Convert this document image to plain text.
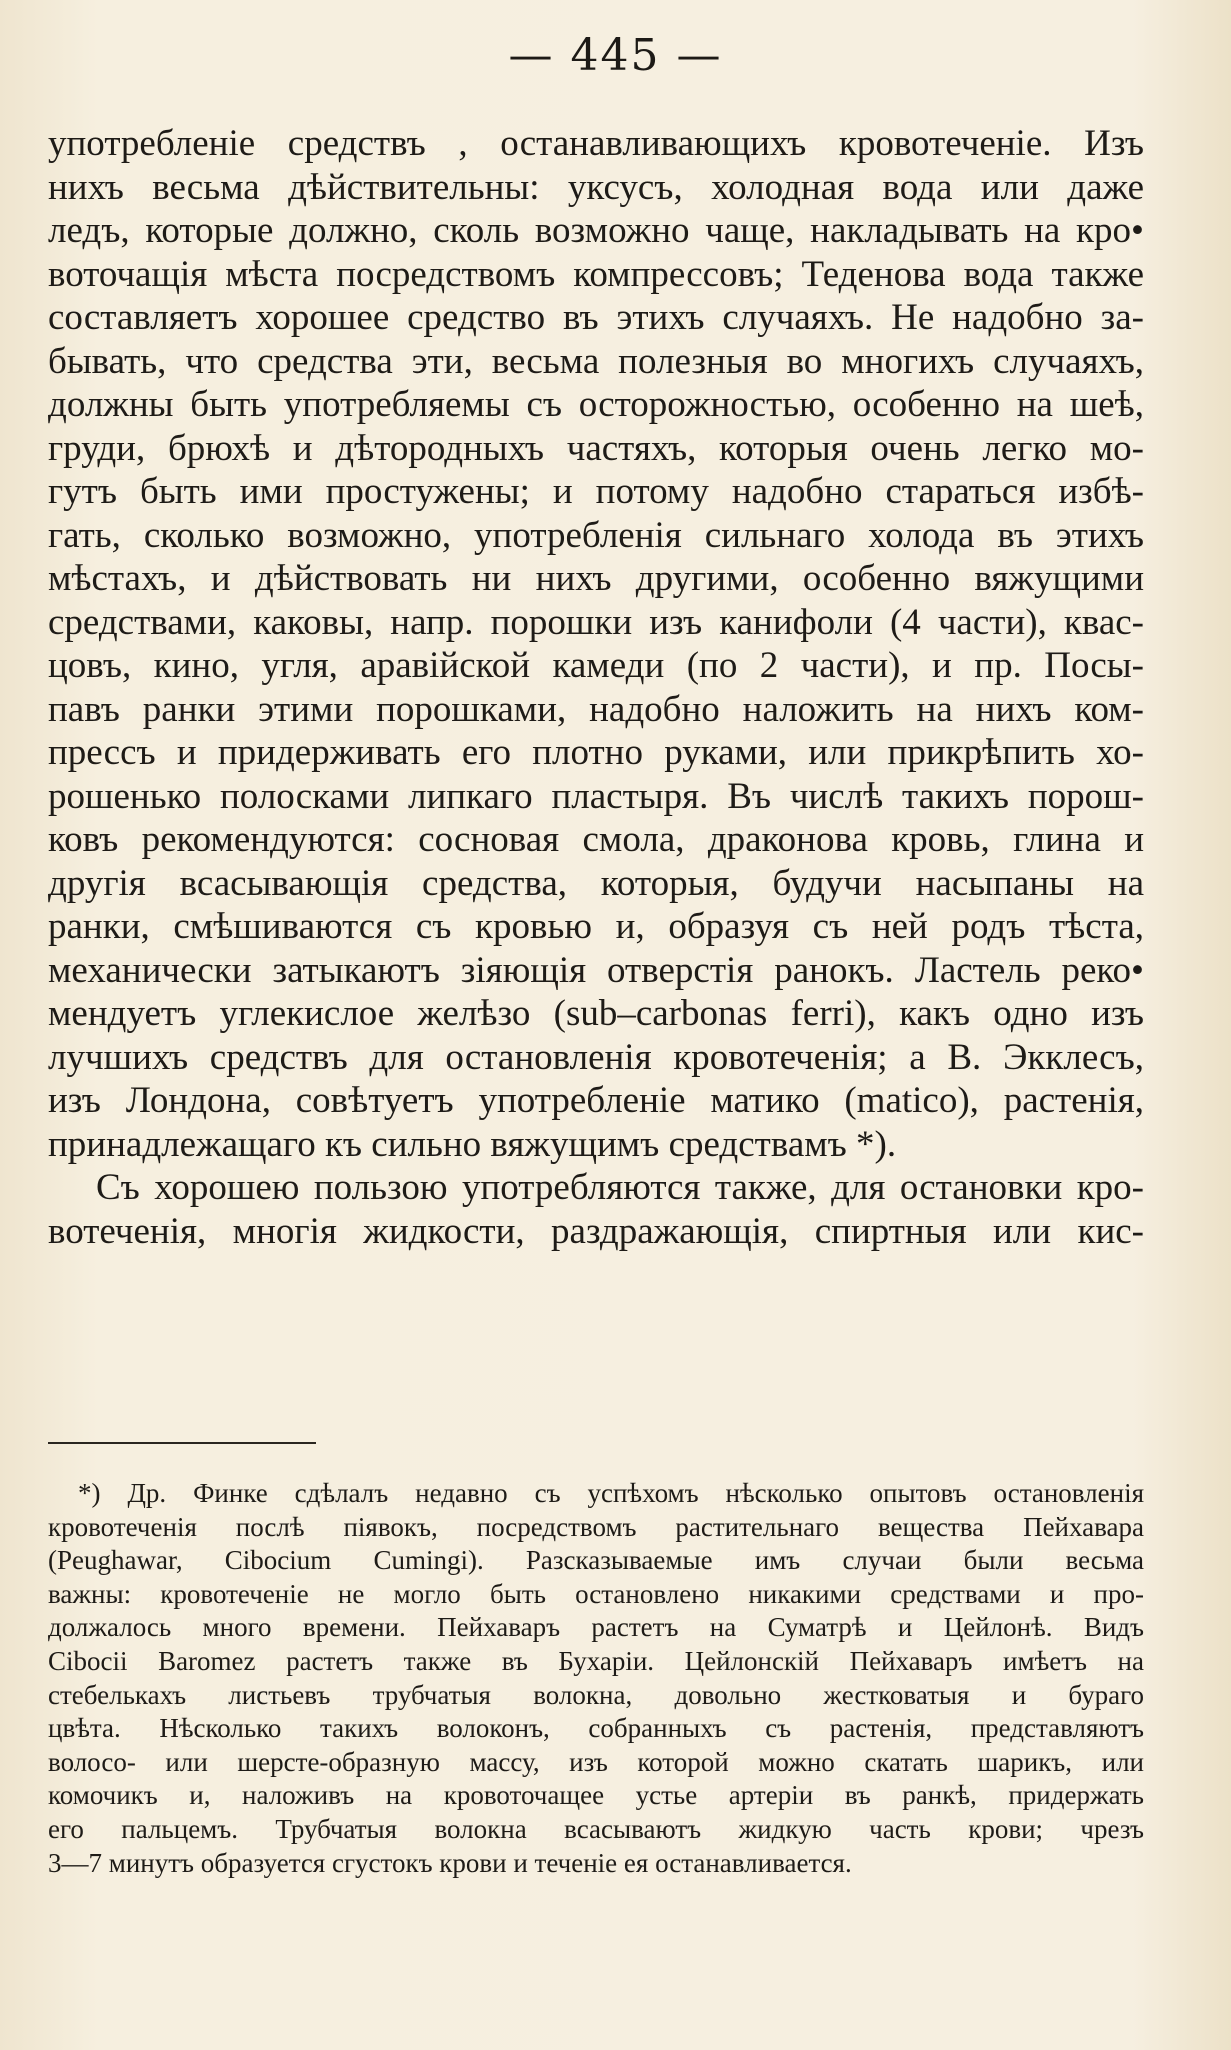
— 445 —
употребленіе средствъ , останавливающихъ кровотеченіе. Изъ
нихъ весьма дѣйствительны: уксусъ, холодная вода или даже
ледъ, которые должно, сколь возможно чаще, накладывать на кро•
воточащія мѣста посредствомъ компрессовъ; Теденова вода также
составляетъ хорошее средство въ этихъ случаяхъ. Не надобно за-
бывать, что средства эти, весьма полезныя во многихъ случаяхъ,
должны быть употребляемы съ осторожностью, особенно на шеѣ,
груди, брюхѣ и дѣтородныхъ частяхъ, которыя очень легко мо-
гутъ быть ими простужены; и потому надобно стараться избѣ-
гать, сколько возможно, употребленія сильнаго холода въ этихъ
мѣстахъ, и дѣйствовать ни нихъ другими, особенно вяжущими
средствами, каковы, напр. порошки изъ канифоли (4 части), квас-
цовъ, кино, угля, аравійской камеди (по 2 части), и пр. Посы-
павъ ранки этими порошками, надобно наложить на нихъ ком-
прессъ и придерживать его плотно руками, или прикрѣпить хо-
рошенько полосками липкаго пластыря. Въ числѣ такихъ порош-
ковъ рекомендуются: сосновая смола, драконова кровь, глина и
другія всасывающія средства, которыя, будучи насыпаны на
ранки, смѣшиваются съ кровью и, образуя съ ней родъ тѣста,
механически затыкаютъ зіяющія отверстія ранокъ. Ластель реко•
мендуетъ углекислое желѣзо (sub–carbonas ferri), какъ одно изъ
лучшихъ средствъ для остановленія кровотеченія; а В. Экклесъ,
изъ Лондона, совѣтуетъ употребленіе матико (matico), растенія,
принадлежащаго къ сильно вяжущимъ средствамъ *).
Съ хорошею пользою употребляются также, для остановки кро-
вотеченія, многія жидкости, раздражающія, спиртныя или кис-
*) Др. Финке сдѣлалъ недавно съ успѣхомъ нѣсколько опытовъ остановленія
кровотеченія послѣ піявокъ, посредствомъ растительнаго вещества Пейхавара
(Peughawar, Cibocium Cumingi). Разсказываемые имъ случаи были весьма
важны: кровотеченіе не могло быть остановлено никакими средствами и про-
должалось много времени. Пейхаваръ растетъ на Суматрѣ и Цейлонѣ. Видъ
Cibocii Baromez растетъ также въ Бухаріи. Цейлонскій Пейхаваръ имѣетъ на
стебелькахъ листьевъ трубчатыя волокна, довольно жестковатыя и бураго
цвѣта. Нѣсколько такихъ волоконъ, собранныхъ съ растенія, представляютъ
волосо- или шерсте-образную массу, изъ которой можно скатать шарикъ, или
комочикъ и, наложивъ на кровоточащее устье артеріи въ ранкѣ, придержать
его пальцемъ. Трубчатыя волокна всасываютъ жидкую часть крови; чрезъ
3—7 минутъ образуется сгустокъ крови и теченіе ея останавливается.
